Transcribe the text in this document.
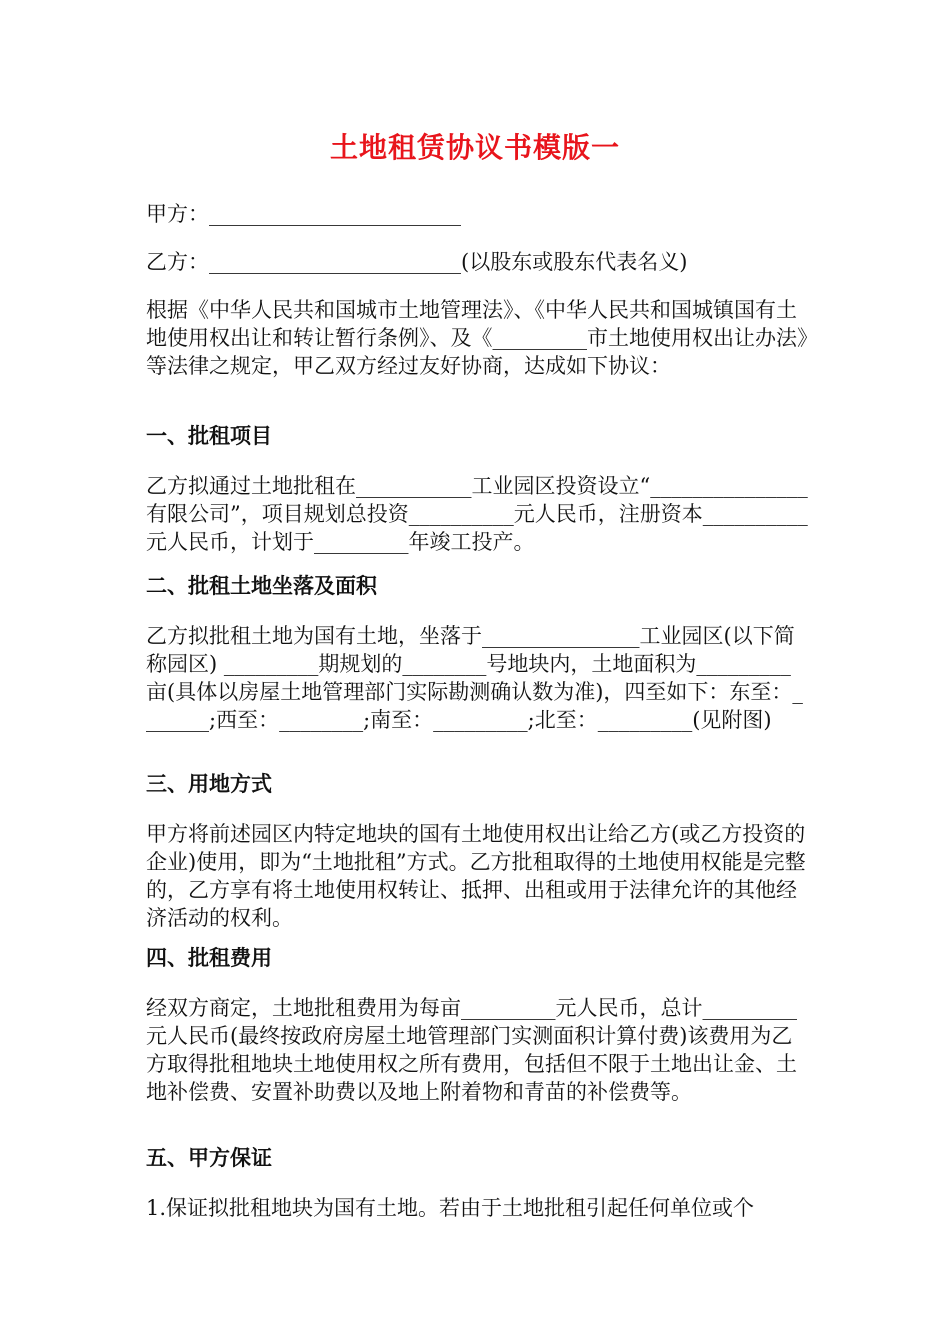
土地租赁协议书模版一

甲方：________________________

乙方：________________________(以股东或股东代表名义)

根据《中华人民共和国城市土地管理法》、《中华人民共和国城镇国有土地使用权出让和转让暂行条例》、及《_________市土地使用权出让办法》等法律之规定，甲乙双方经过友好协商，达成如下协议：

一、批租项目

乙方拟通过土地批租在___________工业园区投资设立“_______________有限公司”，项目规划总投资__________元人民币，注册资本__________元人民币，计划于_________年竣工投产。

二、批租土地坐落及面积

乙方拟批租土地为国有土地，坐落于_______________工业园区(以下简称园区) _________期规划的________号地块内，土地面积为_________亩(具体以房屋土地管理部门实际勘测确认数为准)，四至如下：东至：_______;西至：________;南至：_________;北至：_________(见附图)

三、用地方式

甲方将前述园区内特定地块的国有土地使用权出让给乙方(或乙方投资的企业)使用，即为“土地批租”方式。乙方批租取得的土地使用权能是完整的，乙方享有将土地使用权转让、抵押、出租或用于法律允许的其他经济活动的权利。

四、批租费用

经双方商定，土地批租费用为每亩_________元人民币，总计_________元人民币(最终按政府房屋土地管理部门实测面积计算付费)该费用为乙方取得批租地块土地使用权之所有费用，包括但不限于土地出让金、土地补偿费、安置补助费以及地上附着物和青苗的补偿费等。

五、甲方保证

1.保证拟批租地块为国有土地。若由于土地批租引起任何单位或个
